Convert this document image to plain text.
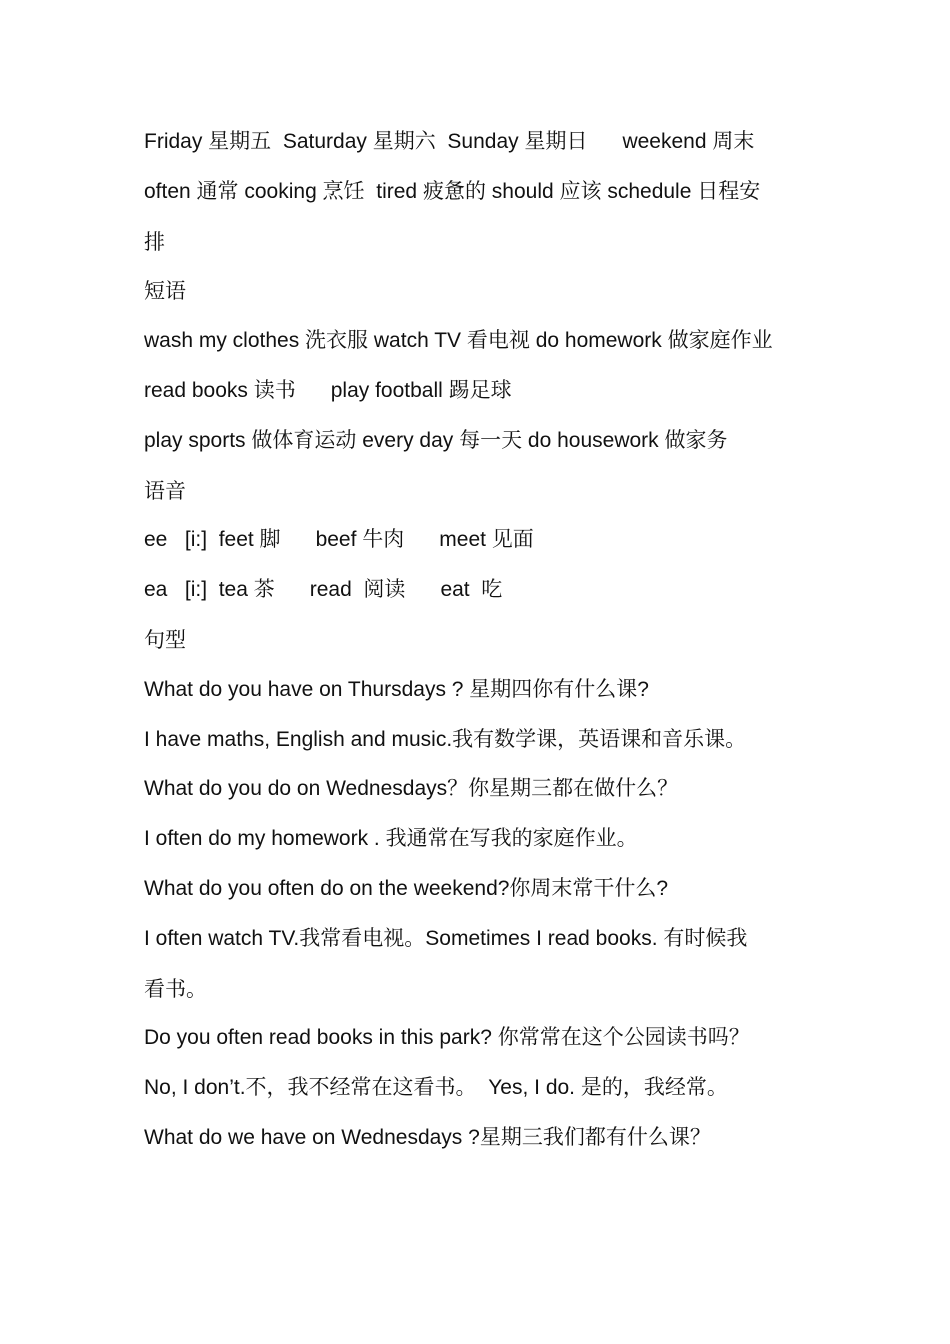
Friday 星期五  Saturday 星期六  Sunday 星期日      weekend 周末
often 通常 cooking 烹饪  tired 疲惫的 should 应该 schedule 日程安
排
短语
wash my clothes 洗衣服 watch TV 看电视 do homework 做家庭作业
read books 读书      play football 踢足球
play sports 做体育运动 every day 每一天 do housework 做家务
语音
ee   [i:]  feet 脚      beef 牛肉      meet 见面
ea   [i:]  tea 茶      read  阅读      eat  吃
句型
What do you have on Thursdays ? 星期四你有什么课?
I have maths, English and music.我有数学课，英语课和音乐课。
What do you do on Wednesdays？你星期三都在做什么？
I often do my homework . 我通常在写我的家庭作业。
What do you often do on the weekend?你周末常干什么?
I often watch TV.我常看电视。Sometimes I read books. 有时候我
看书。
Do you often read books in this park? 你常常在这个公园读书吗？
No, I don’t.不，我不经常在这看书。  Yes, I do. 是的，我经常。
What do we have on Wednesdays ?星期三我们都有什么课？
